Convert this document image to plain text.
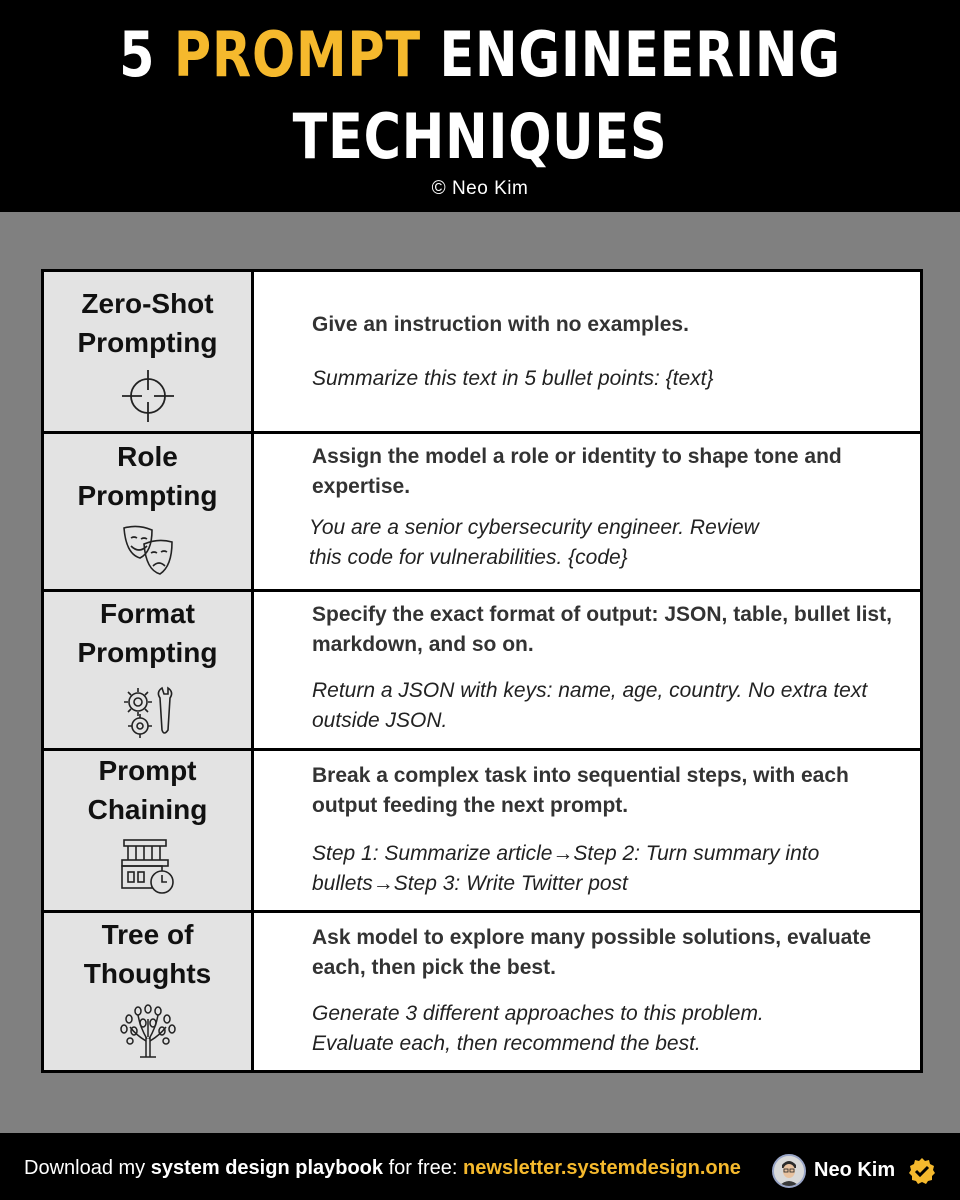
5 PROMPT ENGINEERING
TECHNIQUES
© Neo Kim
Zero-Shot
Prompting
Give an instruction with no examples.
Summarize this text in 5 bullet points: {text}
Role
Prompting
Assign the model a role or identity to shape tone and expertise.
You are a senior cybersecurity engineer. Review this code for vulnerabilities. {code}
Format
Prompting
Specify the exact format of output: JSON, table, bullet list, markdown, and so on.
Return a JSON with keys: name, age, country. No extra text outside JSON.
Prompt
Chaining
Break a complex task into sequential steps, with each output feeding the next prompt.
Step 1: Summarize article→Step 2: Turn summary into bullets→Step 3: Write Twitter post
Tree of
Thoughts
Ask model to explore many possible solutions, evaluate each, then pick the best.
Generate 3 different approaches to this problem. Evaluate each, then recommend the best.
Download my system design playbook for free: newsletter.systemdesign.one	Neo Kim
